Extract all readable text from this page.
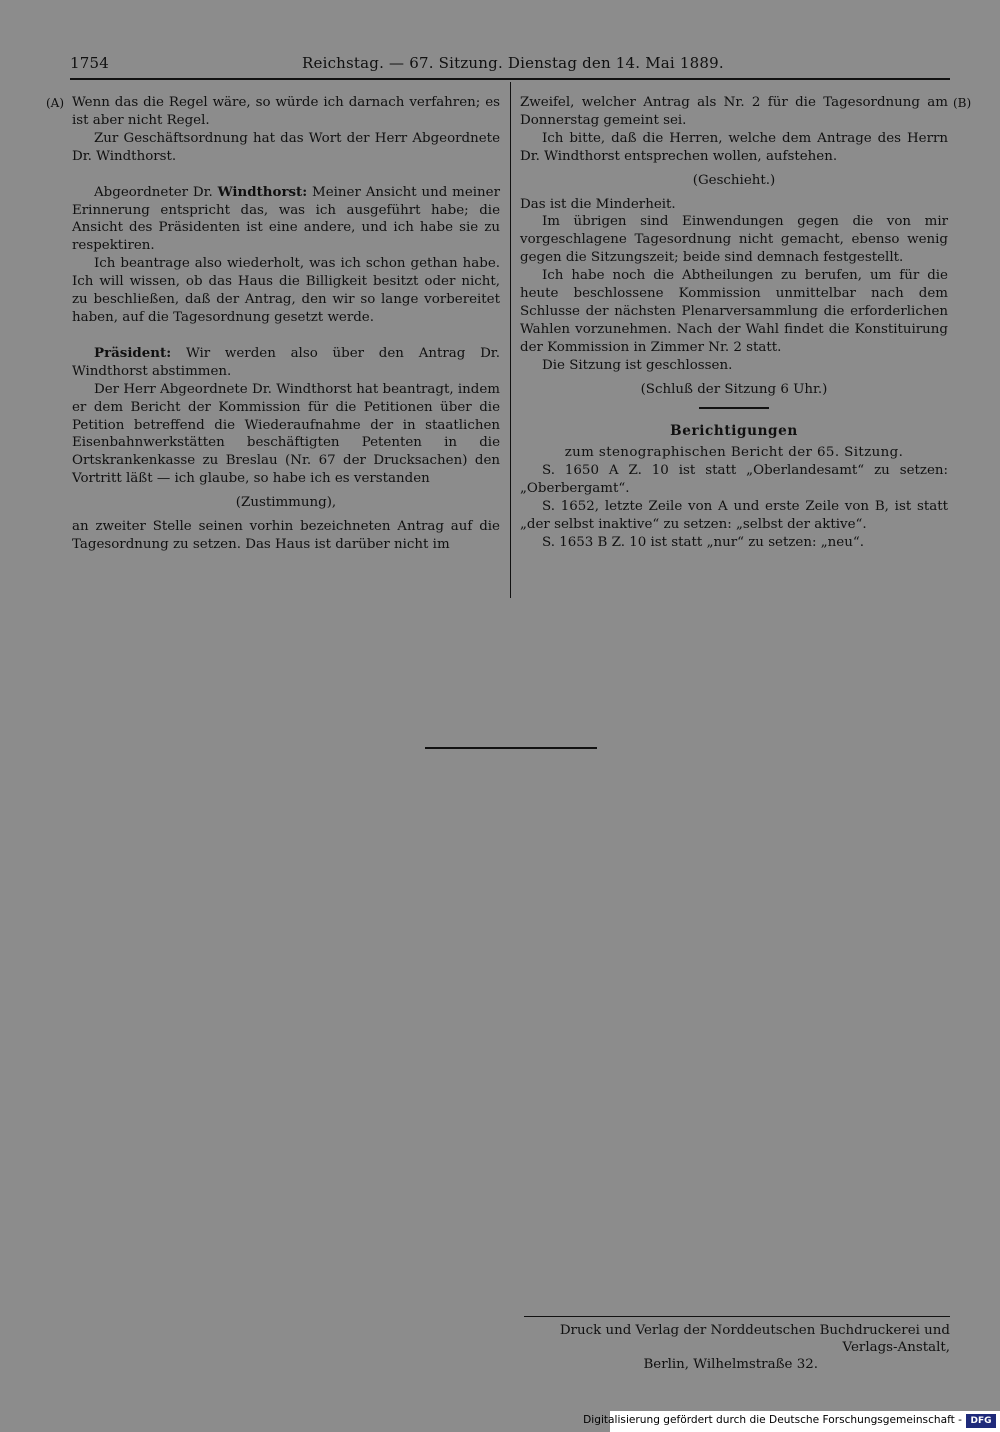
1754	Reichstag. — 67. Sitzung. Dienstag den 14. Mai 1889.
(A)	(B)

Wenn das die Regel wäre, so würde ich darnach verfahren; es ist aber nicht Regel.

Zur Geschäftsordnung hat das Wort der Herr Abgeordnete Dr. Windthorst.

Abgeordneter Dr. Windthorst: Meiner Ansicht und meiner Erinnerung entspricht das, was ich ausgeführt habe; die Ansicht des Präsidenten ist eine andere, und ich habe sie zu respektiren.

Ich beantrage also wiederholt, was ich schon gethan habe. Ich will wissen, ob das Haus die Billigkeit besitzt oder nicht, zu beschließen, daß der Antrag, den wir so lange vorbereitet haben, auf die Tagesordnung gesetzt werde.

Präsident: Wir werden also über den Antrag Dr. Windthorst abstimmen.

Der Herr Abgeordnete Dr. Windthorst hat beantragt, indem er dem Bericht der Kommission für die Petitionen über die Petition betreffend die Wiederaufnahme der in staatlichen Eisenbahnwerkstätten beschäftigten Petenten in die Ortskrankenkasse zu Breslau (Nr. 67 der Drucksachen) den Vortritt läßt — ich glaube, so habe ich es verstanden

(Zustimmung),

an zweiter Stelle seinen vorhin bezeichneten Antrag auf die Tagesordnung zu setzen. Das Haus ist darüber nicht im

Zweifel, welcher Antrag als Nr. 2 für die Tagesordnung am Donnerstag gemeint sei.

Ich bitte, daß die Herren, welche dem Antrage des Herrn Dr. Windthorst entsprechen wollen, aufstehen.

(Geschieht.)

Das ist die Minderheit.

Im übrigen sind Einwendungen gegen die von mir vorgeschlagene Tagesordnung nicht gemacht, ebenso wenig gegen die Sitzungszeit; beide sind demnach festgestellt.

Ich habe noch die Abtheilungen zu berufen, um für die heute beschlossene Kommission unmittelbar nach dem Schlusse der nächsten Plenarversammlung die erforderlichen Wahlen vorzunehmen. Nach der Wahl findet die Konstituirung der Kommission in Zimmer Nr. 2 statt.

Die Sitzung ist geschlossen.

(Schluß der Sitzung 6 Uhr.)

Berichtigungen

zum stenographischen Bericht der 65. Sitzung.

S. 1650 A Z. 10 ist statt „Oberlandesamt“ zu setzen: „Oberbergamt“.

S. 1652, letzte Zeile von A und erste Zeile von B, ist statt „der selbst inaktive“ zu setzen: „selbst der aktive“.

S. 1653 B Z. 10 ist statt „nur“ zu setzen: „neu“.

Druck und Verlag der Norddeutschen Buchdruckerei und Verlags-Anstalt,
Berlin, Wilhelmstraße 32.
Digitalisierung gefördert durch die Deutsche Forschungsgemeinschaft - DFG
